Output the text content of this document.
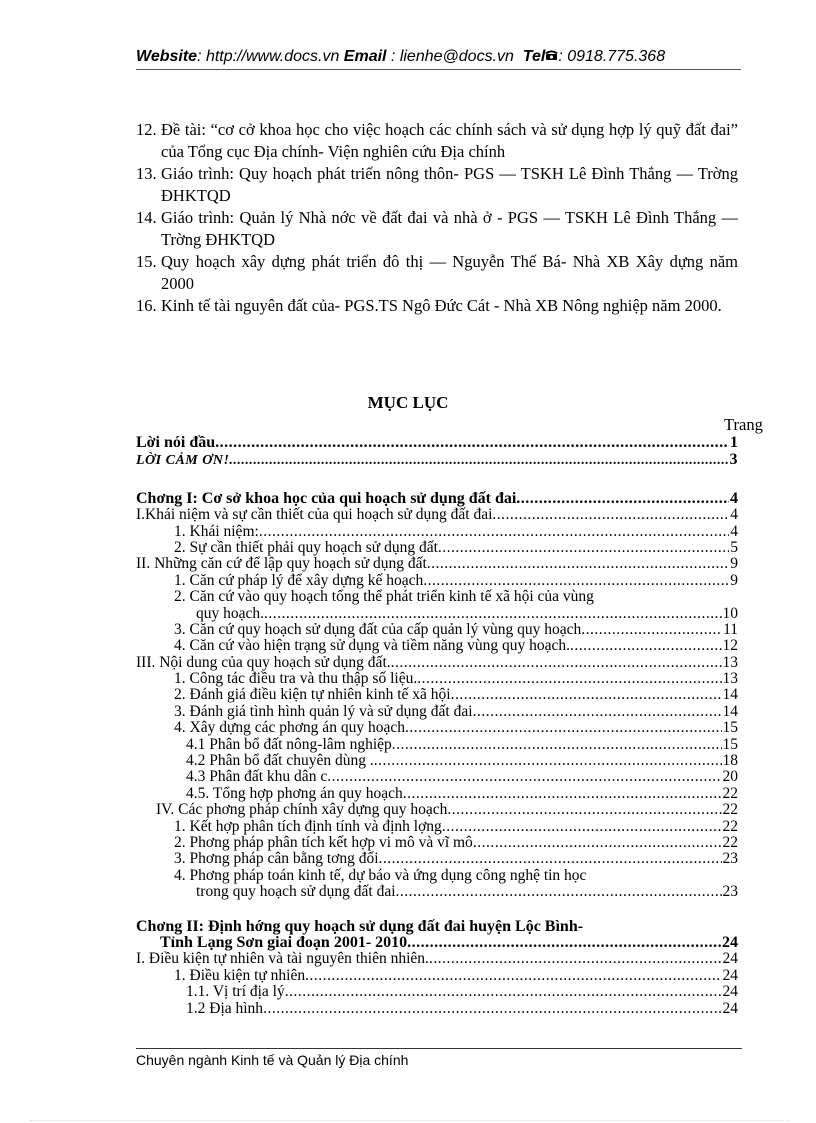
Website: http://www.docs.vn Email : lienhe@docs.vn Tel : 0918.775.368
12. Đề tài: “cơ cở khoa học cho việc hoạch các chính sách và sử dụng hợp lý quỹ đất đai” của Tổng cục Địa chính- Viện nghiên cứu Địa chính
13. Giáo trình: Quy hoạch phát triển nông thôn- PGS — TSKH Lê Đình Thắng — Trờng ĐHKTQD
14. Giáo trình: Quản lý Nhà nớc về đất đai và nhà ở - PGS — TSKH Lê Đình Thắng — Trờng ĐHKTQD
15. Quy hoạch xây dựng phát triển đô thị — Nguyễn Thế Bá- Nhà XB Xây dựng năm 2000
16. Kinh tế tài nguyên đất của- PGS.TS Ngô Đức Cát - Nhà XB Nông nghiệp năm 2000.
MỤC LỤC
Trang
Lời nói đầu .....	1
LỜI CẢM ƠN! .....	3
Chơng I: Cơ sở khoa học của qui hoạch sử dụng đất đai .....	4
I.Khái niệm và sự cần thiết của qui hoạch sử dụng đất đai .....	4
1. Khái niệm: .....	4
2. Sự cần thiết phải quy hoạch sử dụng đất .....	5
II. Những căn cứ để lập quy hoạch sử dụng đất .....	9
1. Căn cứ pháp lý để xây dựng kế hoạch .....	9
2. Căn cứ vào quy hoạch tổng thể phát triển kinh tế xã hội của vùng
quy hoạch. .....	10
3. Căn cứ quy hoạch sử dụng đất của cấp quản lý vùng quy hoạch .....	11
4. Căn cứ vào hiện trạng sử dụng và tiềm năng vùng quy hoạch. .....	12
III. Nội dung của quy hoạch sử dụng đất. .....	13
1. Công tác điều tra và thu thập số liệu. .....	13
2. Đánh giá điều kiện tự nhiên kinh tế xã hội .....	14
3. Đánh giá tình hình quản lý và sử dụng đất đai .....	14
4. Xây dựng các phơng án quy hoạch .....	15
4.1 Phân bổ đất nông-lâm nghiệp .....	15
4.2 Phân bổ đất chuyên dùng . .....	18
4.3 Phân đất khu dân c .....	20
4.5. Tổng hợp phơng án quy hoạch .....	22
IV. Các phơng pháp chính xây dựng quy hoạch .....	22
1. Kết hợp phân tích định tính và định lợng .....	22
2. Phơng pháp phân tích kết hợp vi mô và vĩ mô .....	22
3. Phơng pháp cân bằng tơng đối .....	23
4. Phơng pháp toán kinh tế, dự báo và ứng dụng công nghệ tin học
trong quy hoạch sử dụng đất đai .....	23
Chơng II: Định hớng quy hoạch sử dụng đất đai huyện Lộc Bình-
Tỉnh Lạng Sơn giai đoạn 2001- 2010 .....	24
I. Điều kiện tự nhiên và tài nguyên thiên nhiên. .....	24
1. Điều kiện tự nhiên .....	24
1.1. Vị trí địa lý .....	24
1.2 Địa hình .....	24
Chuyên ngành Kinh tế và Quản lý Địa chính
